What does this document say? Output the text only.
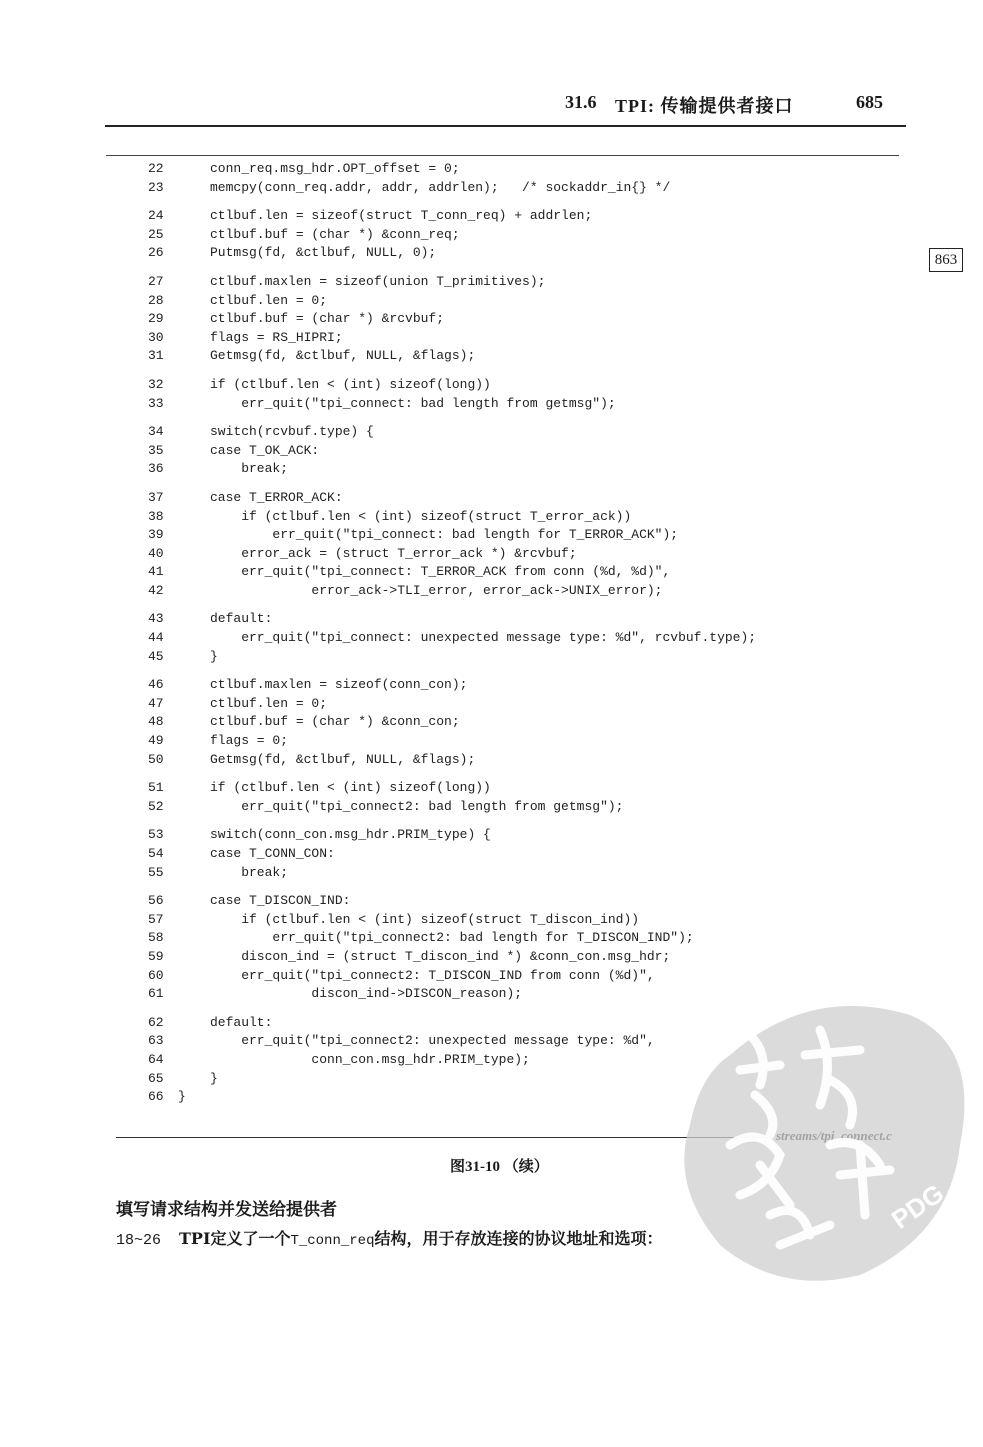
31.6 TPI: 传输提供者接口	685
863
22	conn_req.msg_hdr.OPT_offset = 0;
23	memcpy(conn_req.addr, addr, addrlen);   /* sockaddr_in{} */
24	ctlbuf.len = sizeof(struct T_conn_req) + addrlen;
25	ctlbuf.buf = (char *) &conn_req;
26	Putmsg(fd, &ctlbuf, NULL, 0);
27	ctlbuf.maxlen = sizeof(union T_primitives);
28	ctlbuf.len = 0;
29	ctlbuf.buf = (char *) &rcvbuf;
30	flags = RS_HIPRI;
31	Getmsg(fd, &ctlbuf, NULL, &flags);
32	if (ctlbuf.len < (int) sizeof(long))
33	err_quit("tpi_connect: bad length from getmsg");
34	switch(rcvbuf.type) {
35	case T_OK_ACK:
36	break;
37	case T_ERROR_ACK:
38	if (ctlbuf.len < (int) sizeof(struct T_error_ack))
39	err_quit("tpi_connect: bad length for T_ERROR_ACK");
40	error_ack = (struct T_error_ack *) &rcvbuf;
41	err_quit("tpi_connect: T_ERROR_ACK from conn (%d, %d)",
42	error_ack->TLI_error, error_ack->UNIX_error);
43	default:
44	err_quit("tpi_connect: unexpected message type: %d", rcvbuf.type);
45	}
46	ctlbuf.maxlen = sizeof(conn_con);
47	ctlbuf.len = 0;
48	ctlbuf.buf = (char *) &conn_con;
49	flags = 0;
50	Getmsg(fd, &ctlbuf, NULL, &flags);
51	if (ctlbuf.len < (int) sizeof(long))
52	err_quit("tpi_connect2: bad length from getmsg");
53	switch(conn_con.msg_hdr.PRIM_type) {
54	case T_CONN_CON:
55	break;
56	case T_DISCON_IND:
57	if (ctlbuf.len < (int) sizeof(struct T_discon_ind))
58	err_quit("tpi_connect2: bad length for T_DISCON_IND");
59	discon_ind = (struct T_discon_ind *) &conn_con.msg_hdr;
60	err_quit("tpi_connect2: T_DISCON_IND from conn (%d)",
61	discon_ind->DISCON_reason);
62	default:
63	err_quit("tpi_connect2: unexpected message type: %d",
64	conn_con.msg_hdr.PRIM_type);
65	}
66	}
图31-10 （续）
填写请求结构并发送给提供者
18~26 TPI定义了一个T_conn_req结构，用于存放连接的协议地址和选项：
PDG
